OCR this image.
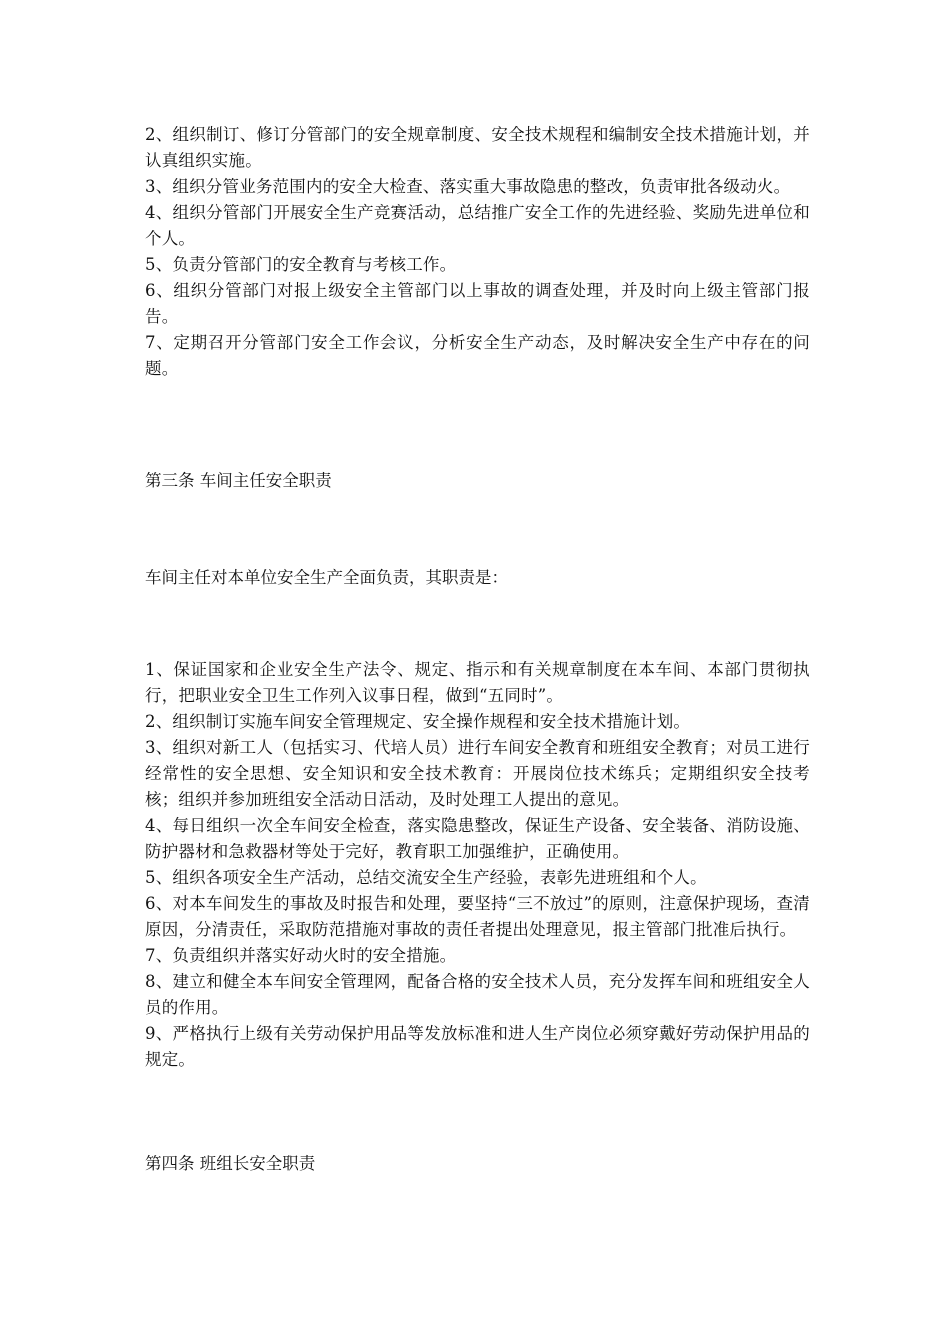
2、组织制订、修订分管部门的安全规章制度、安全技术规程和编制安全技术措施计划，并认真组织实施。

3、组织分管业务范围内的安全大检查、落实重大事故隐患的整改，负责审批各级动火。

4、组织分管部门开展安全生产竞赛活动，总结推广安全工作的先进经验、奖励先进单位和个人。

5、负责分管部门的安全教育与考核工作。

6、组织分管部门对报上级安全主管部门以上事故的调查处理，并及时向上级主管部门报告。

7、定期召开分管部门安全工作会议，分析安全生产动态，及时解决安全生产中存在的问题。

第三条 车间主任安全职责

车间主任对本单位安全生产全面负责，其职责是：

1、保证国家和企业安全生产法令、规定、指示和有关规章制度在本车间、本部门贯彻执行，把职业安全卫生工作列入议事日程，做到“五同时”。

2、组织制订实施车间安全管理规定、安全操作规程和安全技术措施计划。

3、组织对新工人（包括实习、代培人员）进行车间安全教育和班组安全教育；对员工进行经常性的安全思想、安全知识和安全技术教育：开展岗位技术练兵；定期组织安全技考核；组织并参加班组安全活动日活动，及时处理工人提出的意见。

4、每日组织一次全车间安全检查，落实隐患整改，保证生产设备、安全装备、消防设施、防护器材和急救器材等处于完好，教育职工加强维护，正确使用。

5、组织各项安全生产活动，总结交流安全生产经验，表彰先进班组和个人。

6、对本车间发生的事故及时报告和处理，要坚持“三不放过”的原则，注意保护现场，查清原因，分清责任，采取防范措施对事故的责任者提出处理意见，报主管部门批准后执行。

7、负责组织并落实好动火时的安全措施。

8、建立和健全本车间安全管理网，配备合格的安全技术人员，充分发挥车间和班组安全人员的作用。

9、严格执行上级有关劳动保护用品等发放标准和进人生产岗位必须穿戴好劳动保护用品的规定。

第四条 班组长安全职责
